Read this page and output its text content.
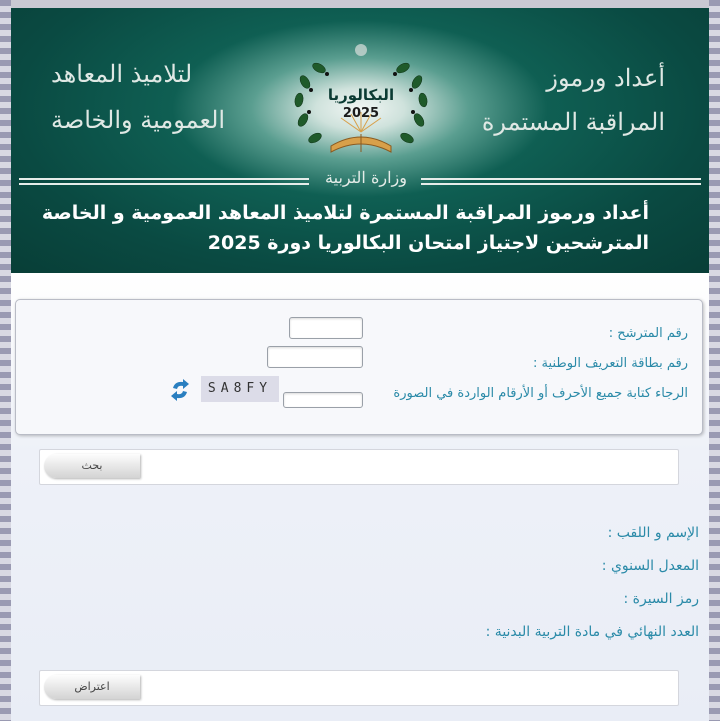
أعداد ورموز
المراقبة المستمرة
لتلاميذ المعاهد
العمومية والخاصة
البكالوريا
2025
وزارة التربية
أعداد ورموز المراقبة المستمرة لتلاميذ المعاهد العمومية و الخاصة
المترشحين لاجتياز امتحان البكالوريا دورة 2025
رقم المترشح :
رقم بطاقة التعريف الوطنية :
الرجاء كتابة جميع الأحرف أو الأرقام الواردة في الصورة
SA8FY
بحث
الإسم و اللقب :
المعدل السنوي :
رمز السيرة :
العدد النهائي في مادة التربية البدنية :
اعتراض
